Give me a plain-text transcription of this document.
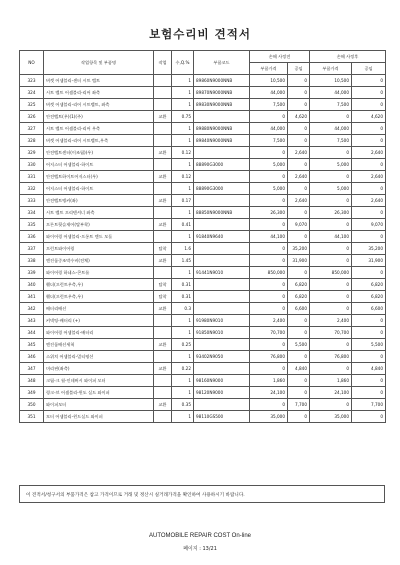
보험수리비 견적서
NO	작업항목 및 부품명	작업	수,Q.%	부품코드	손해 사정전		손해 사정후	
					부품가격	공임	부품가격	공임
323	버켓 어셈블리-센터 시트 밸트		1	89860N9000NNB	10,500	0	10,500	0
324	시트 벨트 어셈블리-리어 좌측		1	89870N9000NNB	44,000	0	44,000	0
325	버켓 어셈블리-리어 시트벨트, 좌측		1	89830N9000NNB	7,500	0	7,500	0
326	안전벨트(우)(1)(주)	교환	0.75		0	4,620	0	4,620
327	시트 벨트 어셈블리-리어 우측		1	89880N9000NNB	44,000	0	44,000	0
328	버켓 어셈블리-리어 시트벨트,우측		1	89840N9000NNB	7,500	0	7,500	0
329	안전벨트센터(이조립)(우)	교환	0.12		0	2,640	0	2,640
330	어저스터 어셈블리-하이트		1	88890G3000	5,000	0	5,000	0
331	안전벨트하이트어저스터(우)	교환	0.12		0	2,640	0	2,640
332	어저스터 어셈블리-하이트		1	88890G3000	5,000	0	5,000	0
333	안전벨트앵커(좌)	교환	0.17		0	2,640	0	2,640
334	시트 벨트 프리텐셔너 좌측		1	88850N9000NNB	26,300	0	26,300	0
335	프론트뒷슬제어(탈부착)	교환	0.41		0	9,070	0	9,070
336	와이어링 어셈블리-프롱트 엔드 모듈		1	91840N9640	44,100	0	44,100	0
337	프런트와이어링	탈착	1.6		0	35,200	0	35,200
338	엔진룸중조막수비(전체)	교환	1.45		0	31,900	0	31,900
339	와이어링 하네스-콘트롤		1	91441N9010	850,000	0	850,000	0
340	휀더(프런트우측,우)	탈착	0.31		0	6,820	0	6,820
341	휀더(프런트우측,우)	탈착	0.31		0	6,820	0	6,820
342	배터리배선	교환	0.3		0	6,600	0	6,600
343	커넥팅-배터리 (+)		1	91980N9010	2,400	0	2,400	0
344	와이어링 어셈블리-배터리		1	91850N9010	70,700	0	70,700	0
345	엔진룸배선세척	교환	0.25		0	5,500	0	5,500
346	스위치 어셈블리-멀티펑션		1	93402N9050	76,800	0	76,800	0
347	머리핀(좌측)	교환	0.22		0	4,840	0	4,840
348	크립-크 월-인데버시 와이퍼 모터		1	98160N9000	1,860	0	1,860	0
349	링크-브 어셈블리-윈도 실드 와이퍼		1	98120N9000	24,100	0	24,100	0
350	와이퍼모터	교환	0.35		0	7,700	0	7,700
351	모터 어셈블리-윈드실드 와이퍼		1	98110GS500	35,000	0	35,000	0
이 견적서/청구서의 부품가격은 참고 가격이므로 거래 및 정산시 실거래가격을 확인하여 사용하시기 바랍니다.
AUTOMOBILE REPAIR COST On-line
페이지 : 13/21
